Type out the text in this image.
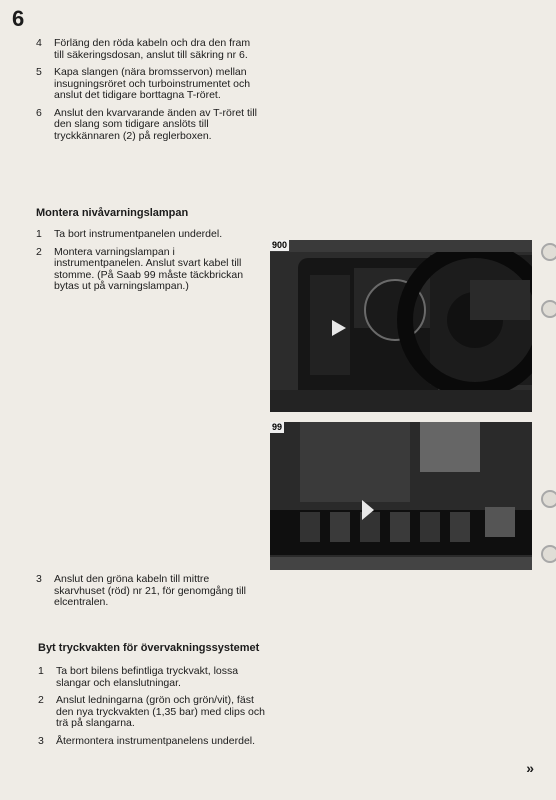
6
4 Förläng den röda kabeln och dra den fram till säkeringsdosan, anslut till säkring nr 6.
5 Kapa slangen (nära bromsservon) mellan insugningsröret och turboinstrumentet och anslut det tidigare borttagna T-röret.
6 Anslut den kvarvarande änden av T-röret till den slang som tidigare anslöts till tryckkännaren (2) på reglerboxen.
Montera nivåvarningslampan
1 Ta bort instrumentpanelen underdel.
2 Montera varningslampan i instrumentpanelen. Anslut svart kabel till stomme. (På Saab 99 måste täckbrickan bytas ut på varningslampan.)
900
99
3 Anslut den gröna kabeln till mittre skarvhuset (röd) nr 21, för genomgång till elcentralen.
Byt tryckvakten för övervakningssystemet
1 Ta bort bilens befintliga tryckvakt, lossa slangar och elanslutningar.
2 Anslut ledningarna (grön och grön/vit), fäst den nya tryckvakten (1,35 bar) med clips och trä på slangarna.
3 Återmontera instrumentpanelens underdel.
»
